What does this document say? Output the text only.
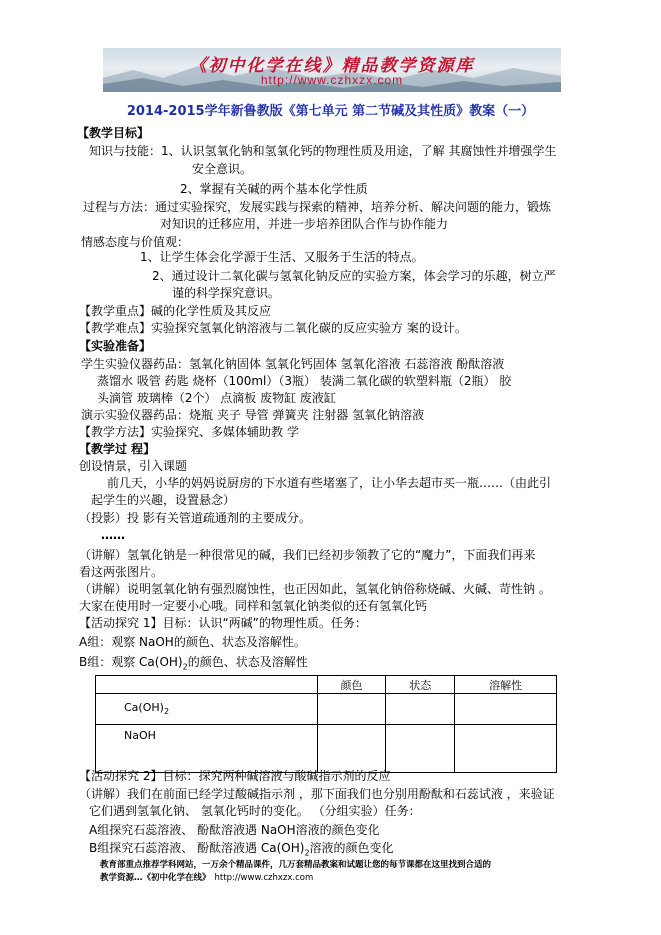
《初中化学在线》精品教学资源库
http://www.czhxzx.com
2014-2015学年新鲁教版《第七单元 第二节碱及其性质》教案（一）
【教学目标】
知识与技能：1、认识氢氧化钠和氢氧化钙的物理性质及用途，了解 其腐蚀性并增强学生
安全意识。
2、掌握有关碱的两个基本化学性质
过程与方法：通过实验探究，发展实践与探索的精神，培养分析、解决问题的能力，锻炼
对知识的迁移应用，并进一步培养团队合作与协作能力
情感态度与价值观：
1、让学生体会化学源于生活、又服务于生活的特点。
2、通过设计二氧化碳与氢氧化钠反应的实验方案，体会学习的乐趣，树立严
谨的科学探究意识。
【教学重点】碱的化学性质及其反应
【教学难点】实验探究氢氧化钠溶液与二氧化碳的反应实验方 案的设计。
【实验准备】
学生实验仪器药品：氢氧化钠固体 氢氧化钙固体 氢氧化溶液 石蕊溶液 酚酞溶液
蒸馏水 吸管 药匙 烧杯（100ml）（3瓶） 装满二氧化碳的软塑料瓶（2瓶） 胶
头滴管 玻璃棒（2个） 点滴板 废物缸 废液缸
演示实验仪器药品：烧瓶 夹子 导管 弹簧夹 注射器 氢氧化钠溶液
【教学方法】实验探究、多媒体辅助教 学
【教学过 程】
创设情景，引入课题
前几天，小华的妈妈说厨房的下水道有些堵塞了，让小华去超市买一瓶……（由此引
起学生的兴趣，设置悬念）
（投影）投 影有关管道疏通剂的主要成分。
……
（讲解）氢氧化钠是一种很常见的碱，我们已经初步领教了它的“魔力”，下面我们再来
看这两张图片。
（讲解）说明氢氧化钠有强烈腐蚀性，也正因如此，氢氧化钠俗称烧碱、火碱、苛性钠 。
大家在使用时一定要小心哦。同样和氢氧化钠类似的还有氢氧化钙
【活动探究 1】目标：认识“两碱”的物理性质。任务：
A组：观察 NaOH的颜色、状态及溶解性。
B组：观察 $Ca(OH)_2$的颜色、状态及溶解性
	颜色	状态	溶解性
$Ca(OH)_2$			
NaOH			
【活动探究 2】目标：探究两种碱溶液与酸碱指示剂的反应
（讲解）我们在前面已经学过酸碱指示剂 ，那下面我们也分别用酚酞和石蕊试液 ，来验证
它们遇到氢氧化钠、 氢氧化钙时的变化。 （分组实验）任务：
A组探究石蕊溶液、 酚酞溶液遇 NaOH溶液的颜色变化
B组探究石蕊溶液、 酚酞溶液遇 $Ca(OH)_2$溶液的颜色变化
教育部重点推荐学科网站，一万余个精品课件，几万套精品教案和试题让您的每节课都在这里找到合适的
教学资源…《初中化学在线》 http://www.czhxzx.com
